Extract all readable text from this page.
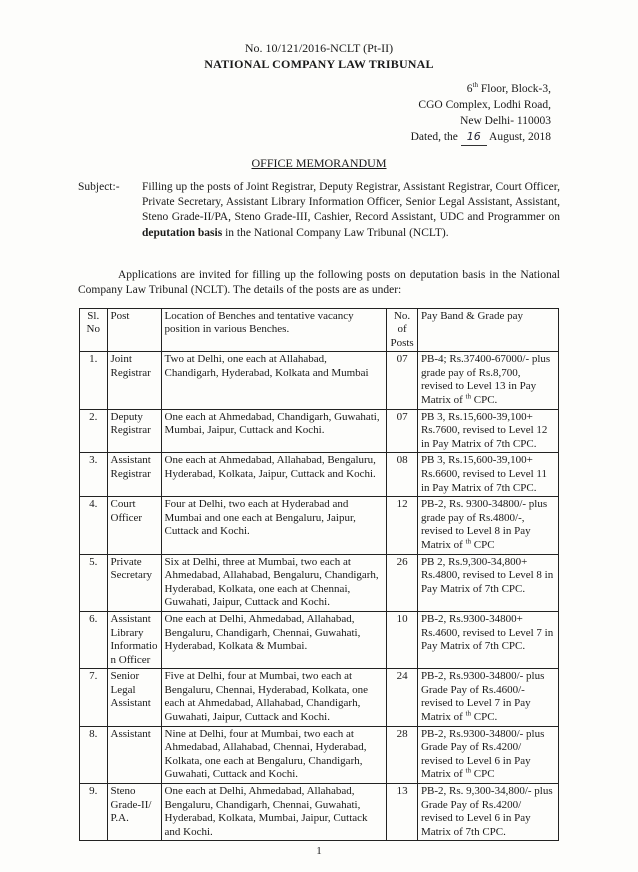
No. 10/121/2016-NCLT (Pt-II)
NATIONAL COMPANY LAW TRIBUNAL
6th Floor, Block-3,
CGO Complex, Lodhi Road,
New Delhi- 110003
Dated, the 16 August, 2018
OFFICE MEMORANDUM
Subject:- Filling up the posts of Joint Registrar, Deputy Registrar, Assistant Registrar, Court Officer, Private Secretary, Assistant Library Information Officer, Senior Legal Assistant, Assistant, Steno Grade-II/PA, Steno Grade-III, Cashier, Record Assistant, UDC and Programmer on deputation basis in the National Company Law Tribunal (NCLT).
Applications are invited for filling up the following posts on deputation basis in the National Company Law Tribunal (NCLT). The details of the posts are as under:
Sl. No	Post	Location of Benches and tentative vacancy position in various Benches.	No. of Posts	Pay Band & Grade pay
1.	Joint Registrar	Two at Delhi, one each at Allahabad, Chandigarh, Hyderabad, Kolkata and Mumbai	07	PB-4; Rs.37400-67000/- plus grade pay of Rs.8,700, revised to Level 13 in Pay Matrix of $^{th}$ CPC.
2.	Deputy Registrar	One each at Ahmedabad, Chandigarh, Guwahati, Mumbai, Jaipur, Cuttack and Kochi.	07	PB 3, Rs.15,600-39,100+ Rs.7600, revised to Level 12 in Pay Matrix of 7th CPC.
3.	Assistant Registrar	One each at Ahmedabad, Allahabad, Bengaluru, Hyderabad, Kolkata, Jaipur, Cuttack and Kochi.	08	PB 3, Rs.15,600-39,100+ Rs.6600, revised to Level 11 in Pay Matrix of 7th CPC.
4.	Court Officer	Four at Delhi, two each at Hyderabad and Mumbai and one each at Bengaluru, Jaipur, Cuttack and Kochi.	12	PB-2, Rs. 9300-34800/- plus grade pay of Rs.4800/-, revised to Level 8 in Pay Matrix of $^{th}$ CPC
5.	Private Secretary	Six at Delhi, three at Mumbai, two each at Ahmedabad, Allahabad, Bengaluru, Chandigarh, Hyderabad, Kolkata, one each at Chennai, Guwahati, Jaipur, Cuttack and Kochi.	26	PB 2, Rs.9,300-34,800+ Rs.4800, revised to Level 8 in Pay Matrix of 7th CPC.
6.	Assistant Library Informatio n Officer	One each at Delhi, Ahmedabad, Allahabad, Bengaluru, Chandigarh, Chennai, Guwahati, Hyderabad, Kolkata & Mumbai.	10	PB-2, Rs.9300-34800+ Rs.4600, revised to Level 7 in Pay Matrix of 7th CPC.
7.	Senior Legal Assistant	Five at Delhi, four at Mumbai, two each at Bengaluru, Chennai, Hyderabad, Kolkata, one each at Ahmedabad, Allahabad, Chandigarh, Guwahati, Jaipur, Cuttack and Kochi.	24	PB-2, Rs.9300-34800/- plus Grade Pay of Rs.4600/- revised to Level 7 in Pay Matrix of $^{th}$ CPC.
8.	Assistant	Nine at Delhi, four at Mumbai, two each at Ahmedabad, Allahabad, Chennai, Hyderabad, Kolkata, one each at Bengaluru, Chandigarh, Guwahati, Cuttack and Kochi.	28	PB-2, Rs.9300-34800/- plus Grade Pay of Rs.4200/ revised to Level 6 in Pay Matrix of $^{th}$ CPC
9.	Steno Grade-II/ P.A.	One each at Delhi, Ahmedabad, Allahabad, Bengaluru, Chandigarh, Chennai, Guwahati, Hyderabad, Kolkata, Mumbai, Jaipur, Cuttack and Kochi.	13	PB-2, Rs. 9,300-34,800/- plus Grade Pay of Rs.4200/ revised to Level 6 in Pay Matrix of 7th CPC.
1
